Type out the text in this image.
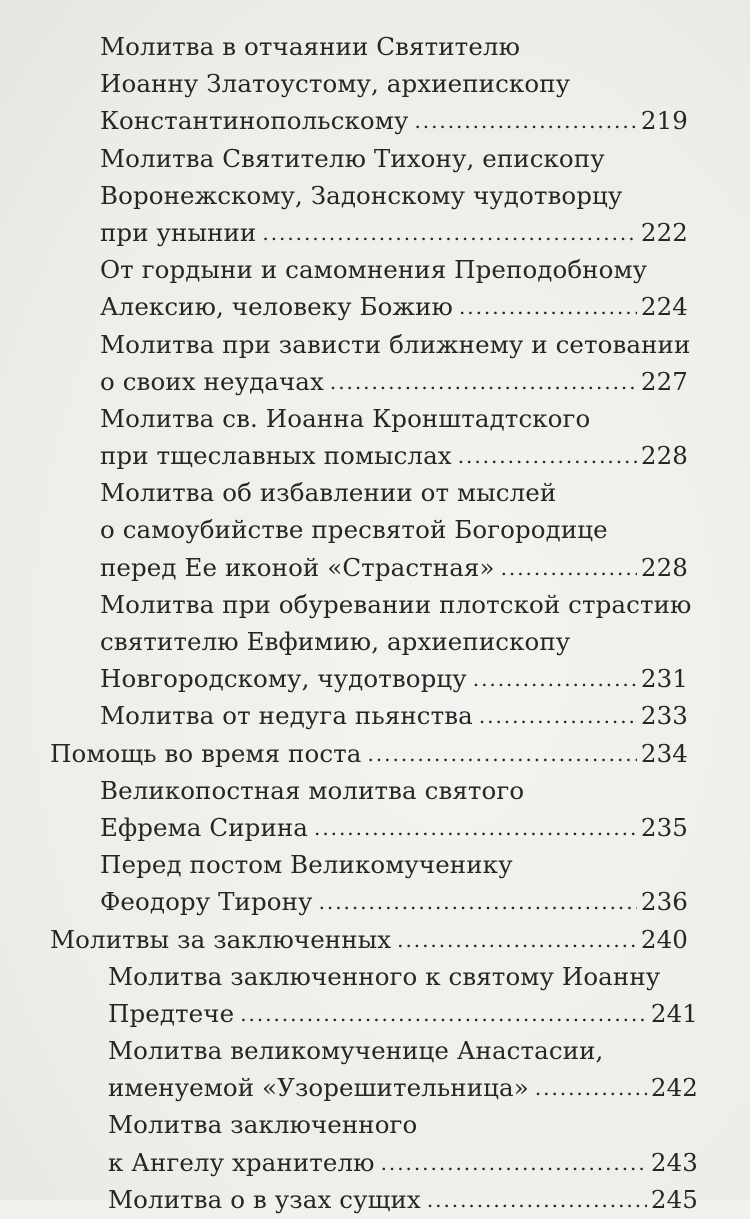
Молитва в отчаянии Святителю
Иоанну Златоустому, архиепископу
Константинопольскому . . .	219
Молитва Святителю Тихону, епископу
Воронежскому, Задонскому чудотворцу
при унынии . . .	222
От гордыни и самомнения Преподобному
Алексию, человеку Божию . . .	224
Молитва при зависти ближнему и сетовании
о своих неудачах . . .	227
Молитва св. Иоанна Кронштадтского
при тщеславных помыслах . . .	228
Молитва об избавлении от мыслей
о самоубийстве пресвятой Богородице
перед Ее иконой «Страстная» . . .	228
Молитва при обуревании плотской страстию
святителю Евфимию, архиепископу
Новгородскому, чудотворцу . . .	231
Молитва от недуга пьянства . . .	233
Помощь во время поста . . .	234
Великопостная молитва святого
Ефрема Сирина . . .	235
Перед постом Великомученику
Феодору Тирону . . .	236
Молитвы за заключенных . . .	240
Молитва заключенного к святому Иоанну
Предтече . . .	241
Молитва великомученице Анастасии,
именуемой «Узорешительница» . . .	242
Молитва заключенного
к Ангелу хранителю . . .	243
Молитва о в узах сущих . . .	245
